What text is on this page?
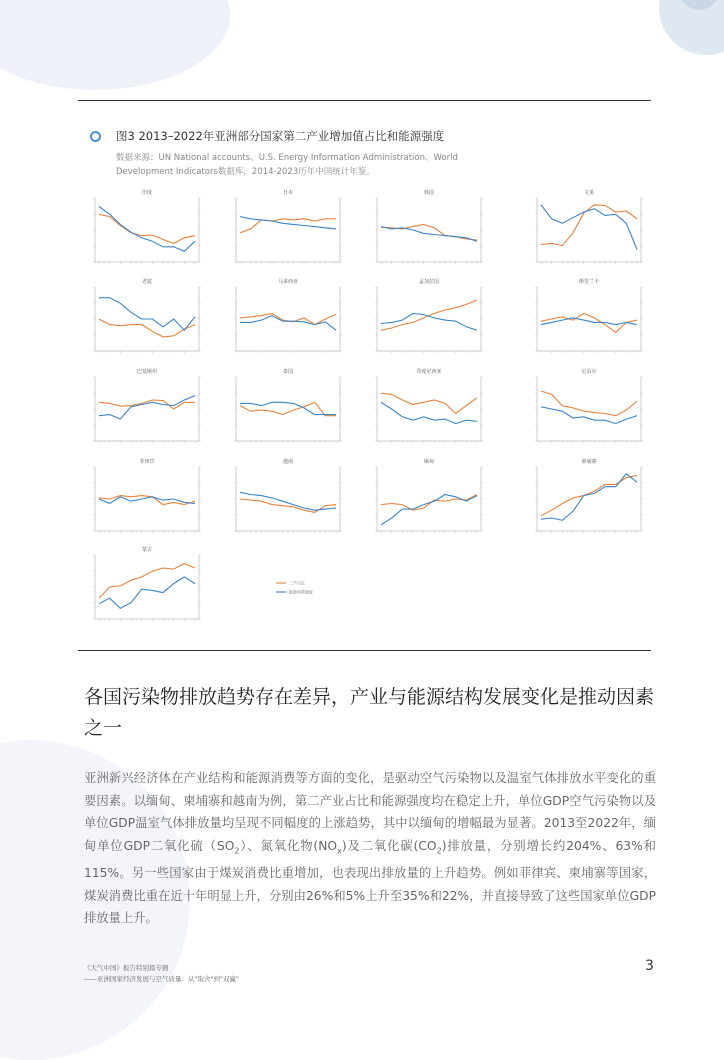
图3 2013–2022年亚洲部分国家第二产业增加值占比和能源强度
数据来源：UN National accounts、U.S. Energy Information Administration、World Development Indicators数据库，2014-2023历年中国统计年鉴。
印度	日本	韩国	文莱
老挝	马来西亚	孟加拉国	斯里兰卡
巴基斯坦	泰国	印度尼西亚	尼泊尔
菲律宾	越南	缅甸	柬埔寨
蒙古
二产占比
能源消费强度
各国污染物排放趋势存在差异，产业与能源结构发展变化是推动因素之一
亚洲新兴经济体在产业结构和能源消费等方面的变化，是驱动空气污染物以及温室气体排放水平变化的重要因素。以缅甸、柬埔寨和越南为例，第二产业占比和能源强度均在稳定上升，单位GDP空气污染物以及单位GDP温室气体排放量均呈现不同幅度的上涨趋势，其中以缅甸的增幅最为显著。2013至2022年，缅甸单位GDP二氧化硫$(SO_2)$、氮氧化物$(NO_x)$及二氧化碳$(CO_2)$排放量，分别增长约204%、63%和115%。另一些国家由于煤炭消费比重增加，也表现出排放量的上升趋势。例如菲律宾、柬埔寨等国家，煤炭消费比重在近十年明显上升，分别由26%和5%上升至35%和22%，并直接导致了这些国家单位GDP排放量上升。
《大气中国》报告特别篇专题
——亚洲国家经济发展与空气质量：从"取舍"到"双赢"
3
